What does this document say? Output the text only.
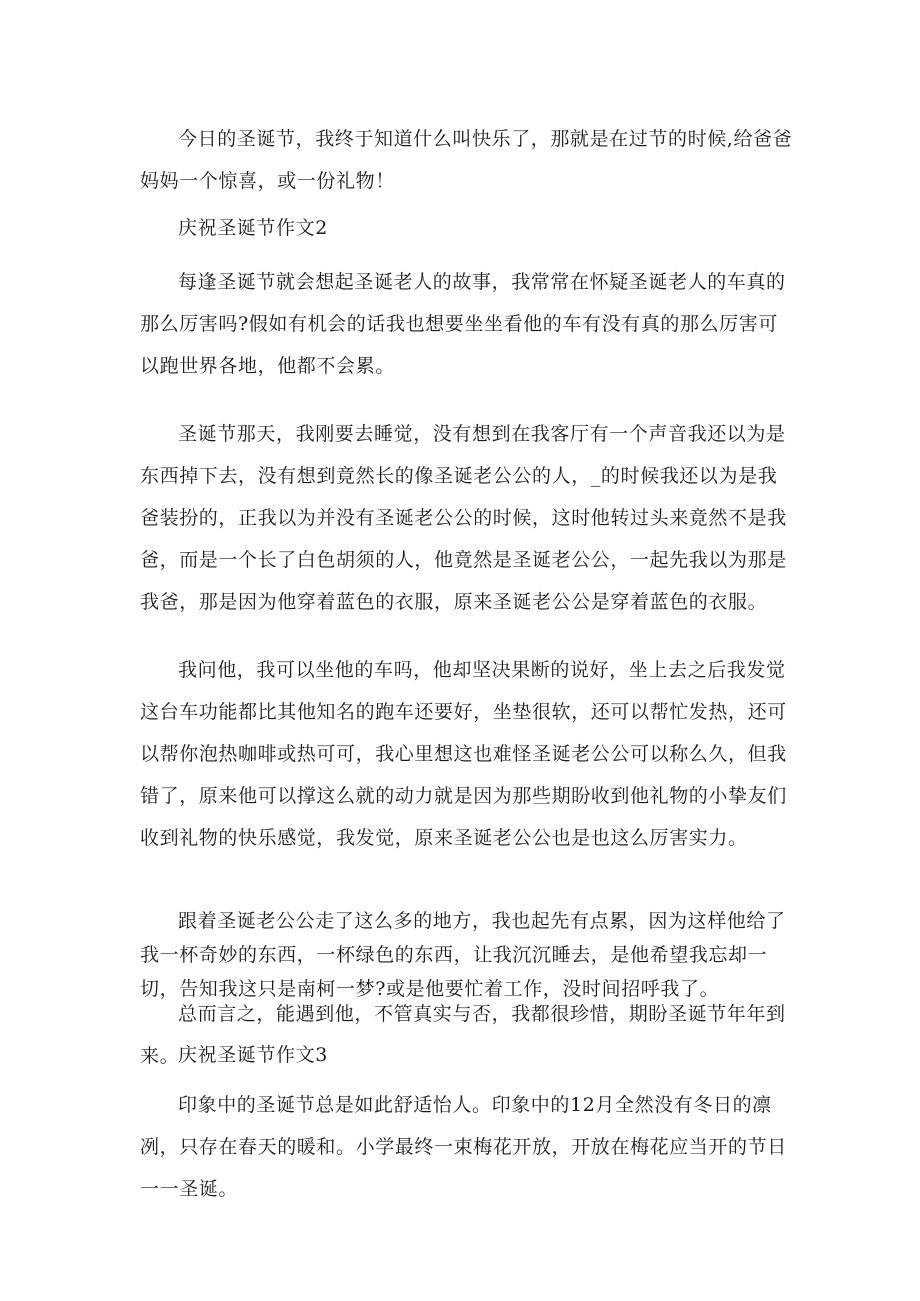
今日的圣诞节，我终于知道什么叫快乐了，那就是在过节的时候,给爸爸妈妈一个惊喜，或一份礼物！

庆祝圣诞节作文2

每逢圣诞节就会想起圣诞老人的故事，我常常在怀疑圣诞老人的车真的那么厉害吗?假如有机会的话我也想要坐坐看他的车有没有真的那么厉害可以跑世界各地，他都不会累。

圣诞节那天，我刚要去睡觉，没有想到在我客厅有一个声音我还以为是东西掉下去，没有想到竟然长的像圣诞老公公的人，_的时候我还以为是我爸装扮的，正我以为并没有圣诞老公公的时候，这时他转过头来竟然不是我爸，而是一个长了白色胡须的人，他竟然是圣诞老公公，一起先我以为那是我爸，那是因为他穿着蓝色的衣服，原来圣诞老公公是穿着蓝色的衣服。

我问他，我可以坐他的车吗，他却坚决果断的说好，坐上去之后我发觉这台车功能都比其他知名的跑车还要好，坐垫很软，还可以帮忙发热，还可以帮你泡热咖啡或热可可，我心里想这也难怪圣诞老公公可以称么久，但我错了，原来他可以撑这么就的动力就是因为那些期盼收到他礼物的小挚友们收到礼物的快乐感觉，我发觉，原来圣诞老公公也是也这么厉害实力。

跟着圣诞老公公走了这么多的地方，我也起先有点累，因为这样他给了我一杯奇妙的东西，一杯绿色的东西，让我沉沉睡去，是他希望我忘却一切，告知我这只是南柯一梦?或是他要忙着工作，没时间招呼我了。

总而言之，能遇到他，不管真实与否，我都很珍惜，期盼圣诞节年年到来。

庆祝圣诞节作文3

印象中的圣诞节总是如此舒适怡人。印象中的12月全然没有冬日的凛冽，只存在春天的暖和。小学最终一束梅花开放，开放在梅花应当开的节日一一圣诞。
